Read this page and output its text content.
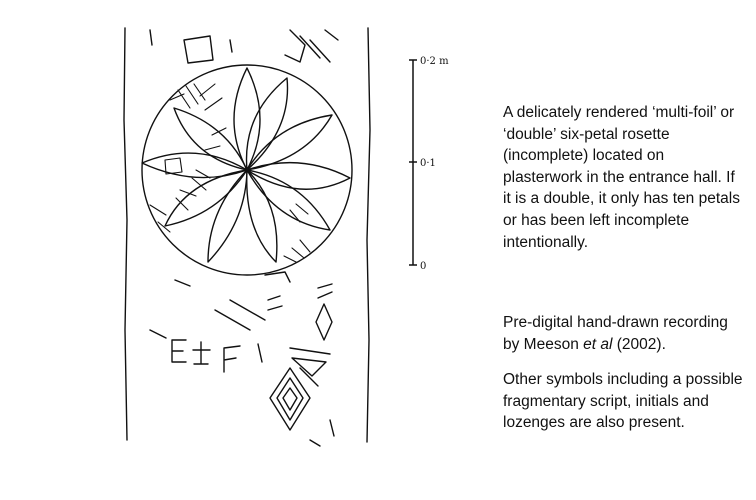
0·2 m
0·1
0

A delicately rendered ‘multi-foil’ or ‘double’ six-petal rosette (incomplete) located on plasterwork in the entrance hall. If it is a double, it only has ten petals or has been left incomplete intentionally.

Pre-digital hand-drawn recording by Meeson et al (2002).

Other symbols including a possible fragmentary script, initials and lozenges are also present.
